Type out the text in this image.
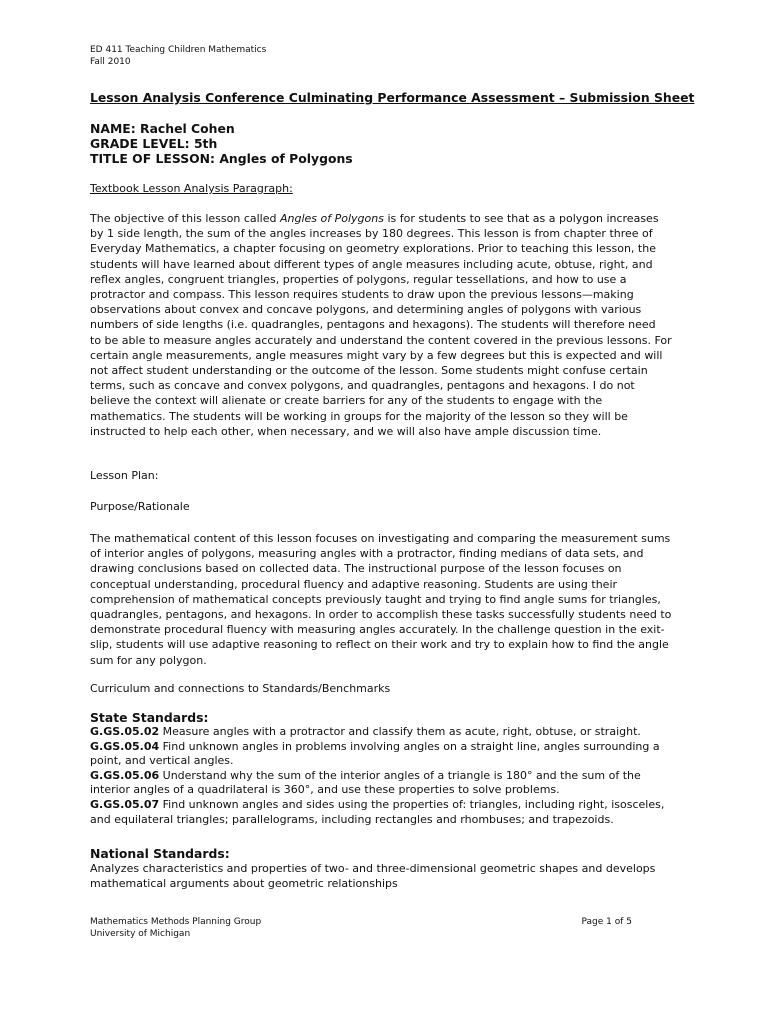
ED 411 Teaching Children Mathematics
Fall 2010
Lesson Analysis Conference Culminating Performance Assessment – Submission Sheet
NAME: Rachel Cohen
GRADE LEVEL: 5th
TITLE OF LESSON: Angles of Polygons
Textbook Lesson Analysis Paragraph:
The objective of this lesson called Angles of Polygons is for students to see that as a polygon increases
by 1 side length, the sum of the angles increases by 180 degrees. This lesson is from chapter three of
Everyday Mathematics, a chapter focusing on geometry explorations. Prior to teaching this lesson, the
students will have learned about different types of angle measures including acute, obtuse, right, and
reflex angles, congruent triangles, properties of polygons, regular tessellations, and how to use a
protractor and compass. This lesson requires students to draw upon the previous lessons—making
observations about convex and concave polygons, and determining angles of polygons with various
numbers of side lengths (i.e. quadrangles, pentagons and hexagons). The students will therefore need
to be able to measure angles accurately and understand the content covered in the previous lessons. For
certain angle measurements, angle measures might vary by a few degrees but this is expected and will
not affect student understanding or the outcome of the lesson. Some students might confuse certain
terms, such as concave and convex polygons, and quadrangles, pentagons and hexagons. I do not
believe the context will alienate or create barriers for any of the students to engage with the
mathematics. The students will be working in groups for the majority of the lesson so they will be
instructed to help each other, when necessary, and we will also have ample discussion time.
Lesson Plan:
Purpose/Rationale
The mathematical content of this lesson focuses on investigating and comparing the measurement sums
of interior angles of polygons, measuring angles with a protractor, finding medians of data sets, and
drawing conclusions based on collected data. The instructional purpose of the lesson focuses on
conceptual understanding, procedural fluency and adaptive reasoning. Students are using their
comprehension of mathematical concepts previously taught and trying to find angle sums for triangles,
quadrangles, pentagons, and hexagons. In order to accomplish these tasks successfully students need to
demonstrate procedural fluency with measuring angles accurately. In the challenge question in the exit-
slip, students will use adaptive reasoning to reflect on their work and try to explain how to find the angle
sum for any polygon.
Curriculum and connections to Standards/Benchmarks
State Standards:
G.GS.05.02 Measure angles with a protractor and classify them as acute, right, obtuse, or straight.
G.GS.05.04 Find unknown angles in problems involving angles on a straight line, angles surrounding a
point, and vertical angles.
G.GS.05.06 Understand why the sum of the interior angles of a triangle is 180° and the sum of the
interior angles of a quadrilateral is 360°, and use these properties to solve problems.
G.GS.05.07 Find unknown angles and sides using the properties of: triangles, including right, isosceles,
and equilateral triangles; parallelograms, including rectangles and rhombuses; and trapezoids.
National Standards:
Analyzes characteristics and properties of two- and three-dimensional geometric shapes and develops
mathematical arguments about geometric relationships
Mathematics Methods Planning Group
University of Michigan
Page 1 of 5
